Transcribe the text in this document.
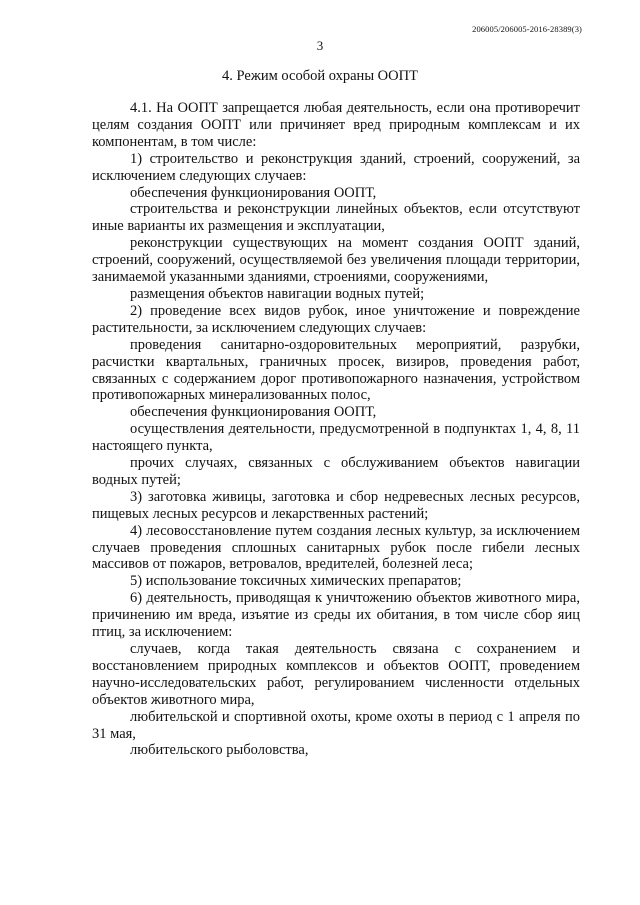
206005/206005-2016-28389(3)
3
4. Режим особой охраны ООПТ

4.1. На ООПТ запрещается любая деятельность, если она противоречит целям создания ООПТ или причиняет вред природным комплексам и их компонентам, в том числе:

1) строительство и реконструкция зданий, строений, сооружений, за исключением следующих случаев:

обеспечения функционирования ООПТ,

строительства и реконструкции линейных объектов, если отсутствуют иные варианты их размещения и эксплуатации,

реконструкции существующих на момент создания ООПТ зданий, строений, сооружений, осуществляемой без увеличения площади территории, занимаемой указанными зданиями, строениями, сооружениями,

размещения объектов навигации водных путей;

2) проведение всех видов рубок, иное уничтожение и повреждение растительности, за исключением следующих случаев:

проведения санитарно-оздоровительных мероприятий, разрубки, расчистки квартальных, граничных просек, визиров, проведения работ, связанных с содержанием дорог противопожарного назначения, устройством противопожарных минерализованных полос,

обеспечения функционирования ООПТ,

осуществления деятельности, предусмотренной в подпунктах 1, 4, 8, 11 настоящего пункта,

прочих случаях, связанных с обслуживанием объектов навигации водных путей;

3) заготовка живицы, заготовка и сбор недревесных лесных ресурсов, пищевых лесных ресурсов и лекарственных растений;

4) лесовосстановление путем создания лесных культур, за исключением случаев проведения сплошных санитарных рубок после гибели лесных массивов от пожаров, ветровалов, вредителей, болезней леса;

5) использование токсичных химических препаратов;

6) деятельность, приводящая к уничтожению объектов животного мира, причинению им вреда, изъятие из среды их обитания, в том числе сбор яиц птиц, за исключением:

случаев, когда такая деятельность связана с сохранением и восстановлением природных комплексов и объектов ООПТ, проведением научно-исследовательских работ, регулированием численности отдельных объектов животного мира,

любительской и спортивной охоты, кроме охоты в период с 1 апреля по 31 мая,

любительского рыболовства,
